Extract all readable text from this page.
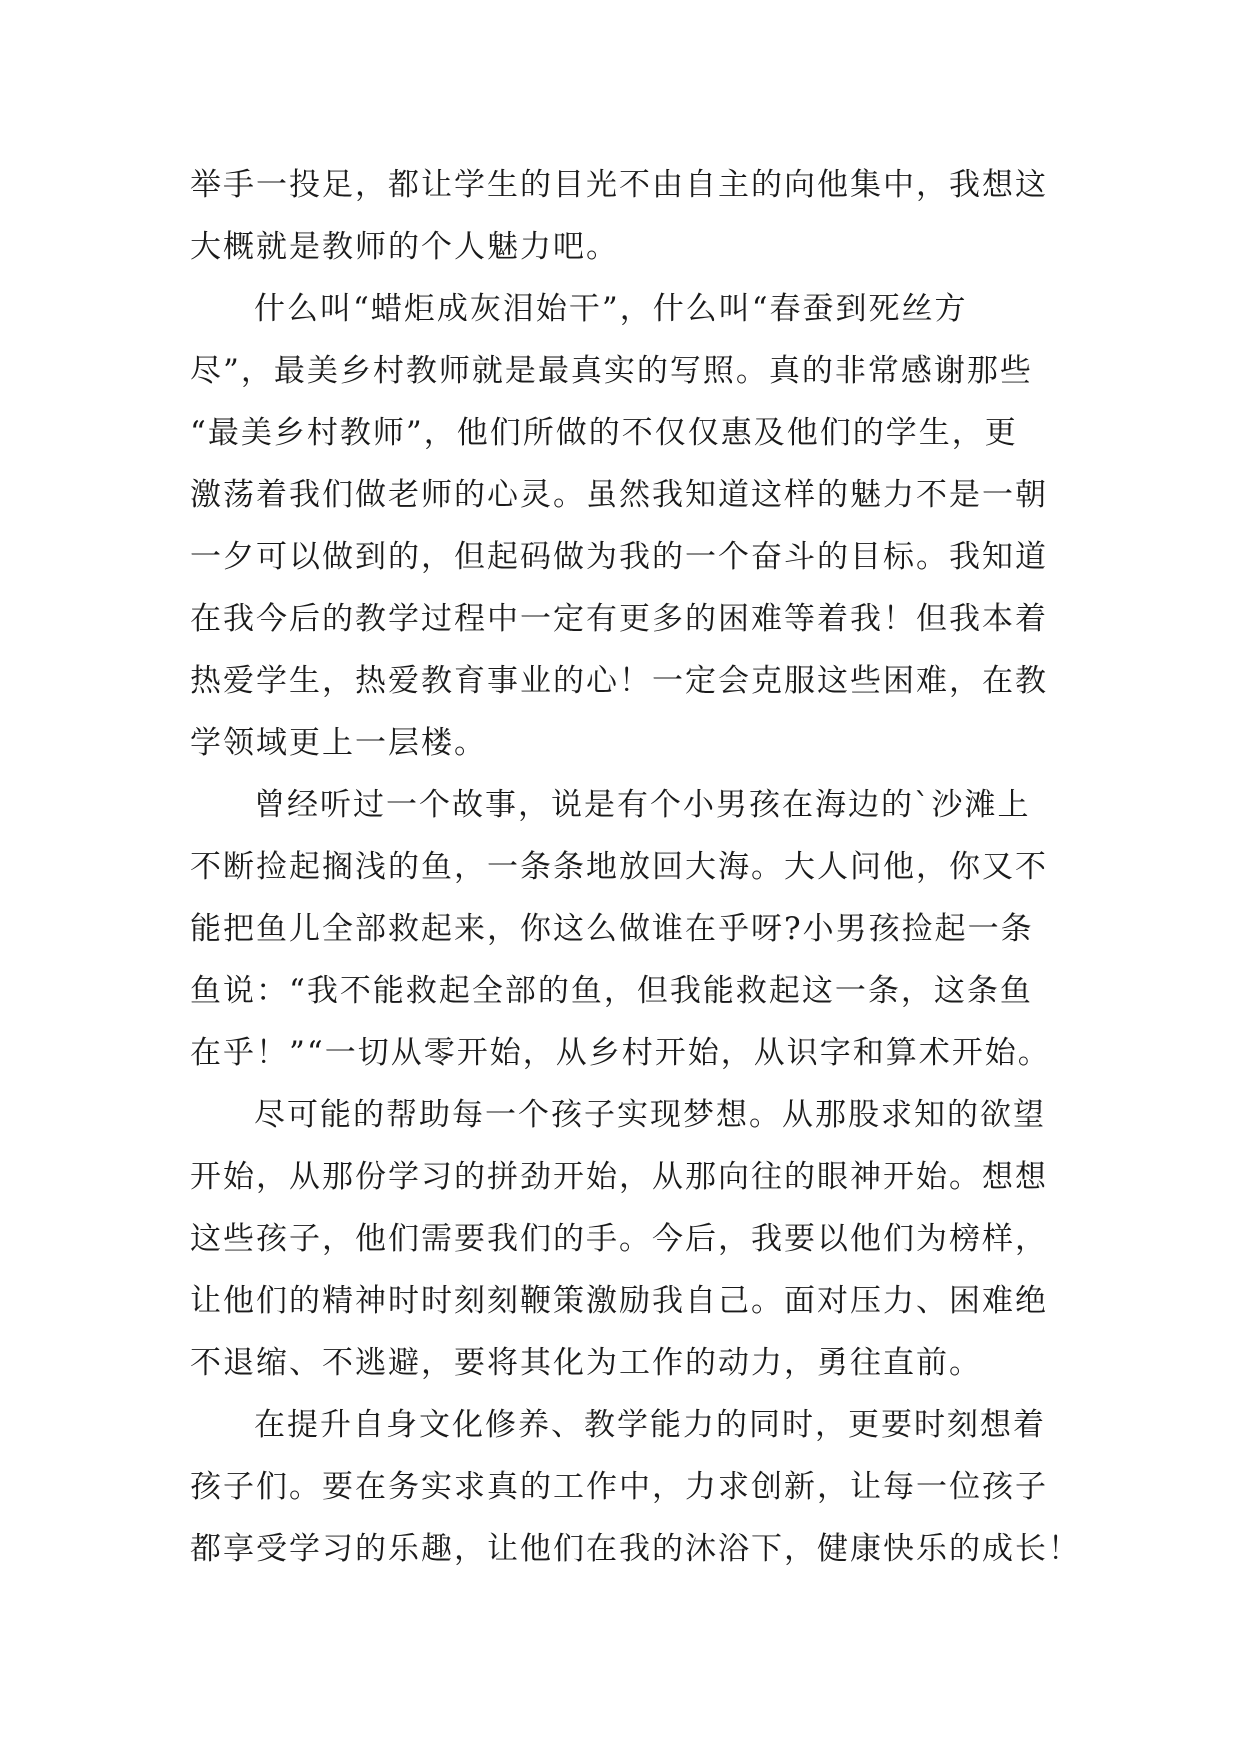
举手一投足，都让学生的目光不由自主的向他集中，我想这
大概就是教师的个人魅力吧。
什么叫“蜡炬成灰泪始干”，什么叫“春蚕到死丝方
尽”，最美乡村教师就是最真实的写照。真的非常感谢那些
“最美乡村教师”，他们所做的不仅仅惠及他们的学生，更
激荡着我们做老师的心灵。虽然我知道这样的魅力不是一朝
一夕可以做到的，但起码做为我的一个奋斗的目标。我知道
在我今后的教学过程中一定有更多的困难等着我！但我本着
热爱学生，热爱教育事业的心！一定会克服这些困难，在教
学领域更上一层楼。
曾经听过一个故事，说是有个小男孩在海边的`沙滩上
不断捡起搁浅的鱼，一条条地放回大海。大人问他，你又不
能把鱼儿全部救起来，你这么做谁在乎呀?小男孩捡起一条
鱼说：“我不能救起全部的鱼，但我能救起这一条，这条鱼
在乎！”“一切从零开始，从乡村开始，从识字和算术开始。
尽可能的帮助每一个孩子实现梦想。从那股求知的欲望
开始，从那份学习的拼劲开始，从那向往的眼神开始。想想
这些孩子，他们需要我们的手。今后，我要以他们为榜样，
让他们的精神时时刻刻鞭策激励我自己。面对压力、困难绝
不退缩、不逃避，要将其化为工作的动力，勇往直前。
在提升自身文化修养、教学能力的同时，更要时刻想着
孩子们。要在务实求真的工作中，力求创新，让每一位孩子
都享受学习的乐趣，让他们在我的沐浴下，健康快乐的成长！
